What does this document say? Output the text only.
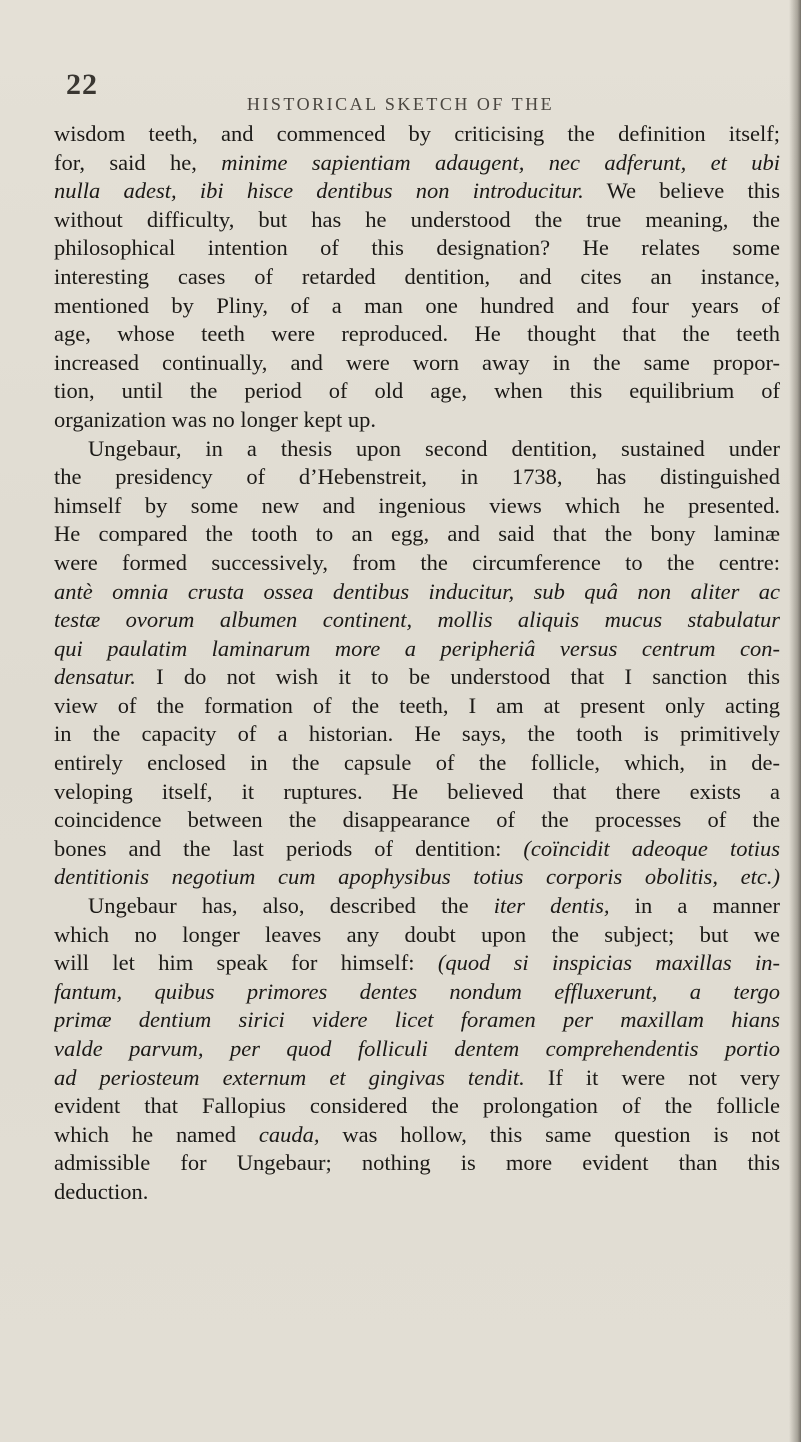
22
HISTORICAL SKETCH OF THE
wisdom teeth, and commenced by criticising the definition itself;
for, said he, minime sapientiam adaugent, nec adferunt, et ubi
nulla adest, ibi hisce dentibus non introducitur. We believe this
without difficulty, but has he understood the true meaning, the
philosophical intention of this designation? He relates some
interesting cases of retarded dentition, and cites an instance,
mentioned by Pliny, of a man one hundred and four years of
age, whose teeth were reproduced. He thought that the teeth
increased continually, and were worn away in the same propor-
tion, until the period of old age, when this equilibrium of
organization was no longer kept up.
Ungebaur, in a thesis upon second dentition, sustained under
the presidency of d’Hebenstreit, in 1738, has distinguished
himself by some new and ingenious views which he presented.
He compared the tooth to an egg, and said that the bony laminæ
were formed successively, from the circumference to the centre:
antè omnia crusta ossea dentibus inducitur, sub quâ non aliter ac
testæ ovorum albumen continent, mollis aliquis mucus stabulatur
qui paulatim laminarum more a peripheriâ versus centrum con-
densatur. I do not wish it to be understood that I sanction this
view of the formation of the teeth, I am at present only acting
in the capacity of a historian. He says, the tooth is primitively
entirely enclosed in the capsule of the follicle, which, in de-
veloping itself, it ruptures. He believed that there exists a
coincidence between the disappearance of the processes of the
bones and the last periods of dentition: (coïncidit adeoque totius
dentitionis negotium cum apophysibus totius corporis obolitis, etc.)
Ungebaur has, also, described the iter dentis, in a manner
which no longer leaves any doubt upon the subject; but we
will let him speak for himself: (quod si inspicias maxillas in-
fantum, quibus primores dentes nondum effluxerunt, a tergo
primæ dentium sirici videre licet foramen per maxillam hians
valde parvum, per quod folliculi dentem comprehendentis portio
ad periosteum externum et gingivas tendit. If it were not very
evident that Fallopius considered the prolongation of the follicle
which he named cauda, was hollow, this same question is not
admissible for Ungebaur; nothing is more evident than this
deduction.
